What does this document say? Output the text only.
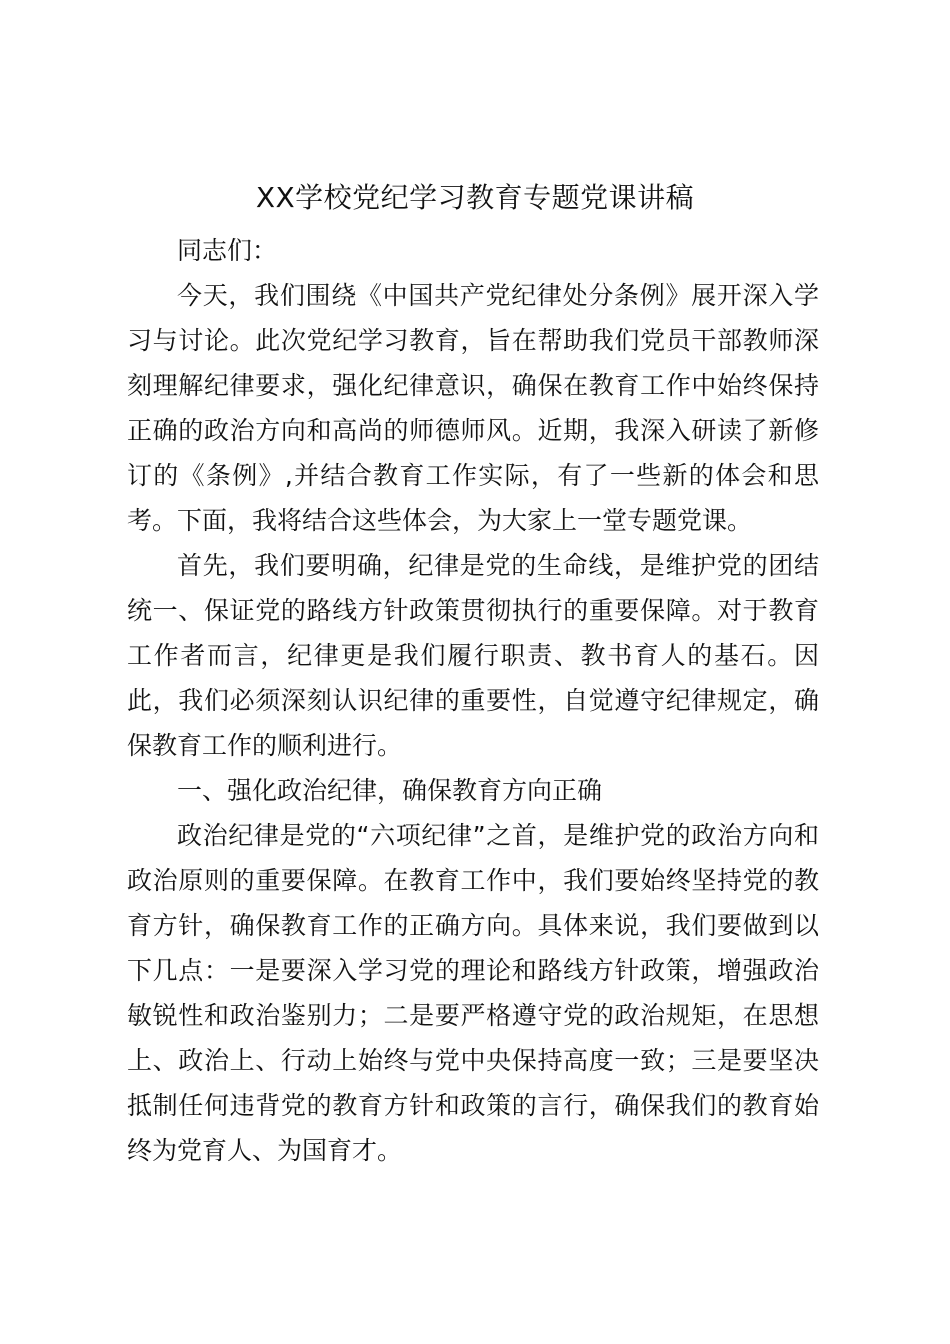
XX学校党纪学习教育专题党课讲稿

同志们：

今天，我们围绕《中国共产党纪律处分条例》展开深入学习与讨论。此次党纪学习教育，旨在帮助我们党员干部教师深刻理解纪律要求，强化纪律意识，确保在教育工作中始终保持正确的政治方向和高尚的师德师风。近期，我深入研读了新修订的《条例》,并结合教育工作实际，有了一些新的体会和思考。下面，我将结合这些体会，为大家上一堂专题党课。

首先，我们要明确，纪律是党的生命线，是维护党的团结统一、保证党的路线方针政策贯彻执行的重要保障。对于教育工作者而言，纪律更是我们履行职责、教书育人的基石。因此，我们必须深刻认识纪律的重要性，自觉遵守纪律规定，确保教育工作的顺利进行。

一、强化政治纪律，确保教育方向正确

政治纪律是党的“六项纪律”之首，是维护党的政治方向和政治原则的重要保障。在教育工作中，我们要始终坚持党的教育方针，确保教育工作的正确方向。具体来说，我们要做到以下几点：一是要深入学习党的理论和路线方针政策，增强政治敏锐性和政治鉴别力；二是要严格遵守党的政治规矩，在思想上、政治上、行动上始终与党中央保持高度一致；三是要坚决抵制任何违背党的教育方针和政策的言行，确保我们的教育始终为党育人、为国育才。
